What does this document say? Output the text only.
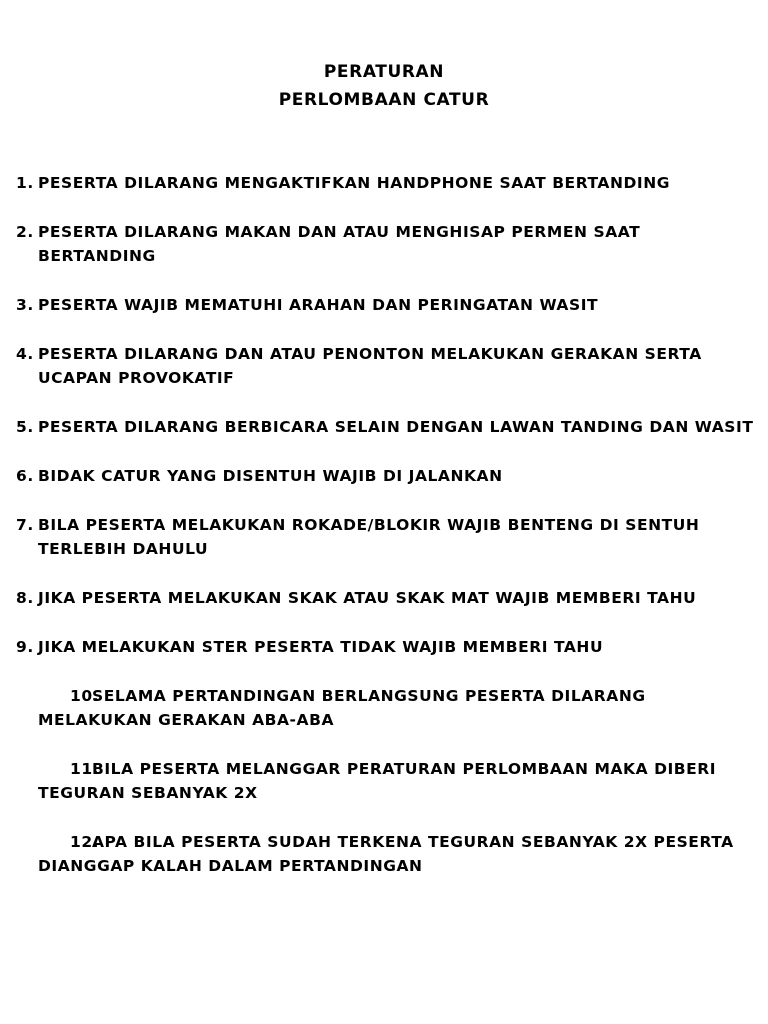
PERATURAN
PERLOMBAAN CATUR
1. PESERTA DILARANG MENGAKTIFKAN HANDPHONE SAAT BERTANDING
2. PESERTA DILARANG MAKAN DAN ATAU MENGHISAP PERMEN SAAT BERTANDING
3. PESERTA WAJIB MEMATUHI ARAHAN DAN PERINGATAN WASIT
4. PESERTA DILARANG DAN ATAU PENONTON MELAKUKAN GERAKAN SERTA UCAPAN PROVOKATIF
5. PESERTA DILARANG BERBICARA SELAIN DENGAN LAWAN TANDING DAN WASIT
6. BIDAK CATUR YANG DISENTUH WAJIB DI JALANKAN
7. BILA PESERTA MELAKUKAN ROKADE/BLOKIR WAJIB BENTENG DI SENTUH TERLEBIH DAHULU
8. JIKA PESERTA MELAKUKAN SKAK ATAU SKAK MAT WAJIB MEMBERI TAHU
9. JIKA MELAKUKAN STER PESERTA TIDAK WAJIB MEMBERI TAHU
10.
SELAMA PERTANDINGAN BERLANGSUNG PESERTA DILARANG MELAKUKAN GERAKAN ABA-ABA
11.
BILA PESERTA MELANGGAR PERATURAN PERLOMBAAN MAKA DIBERI TEGURAN SEBANYAK 2X
12.
APA BILA PESERTA SUDAH TERKENA TEGURAN SEBANYAK 2X PESERTA DIANGGAP KALAH DALAM PERTANDINGAN
